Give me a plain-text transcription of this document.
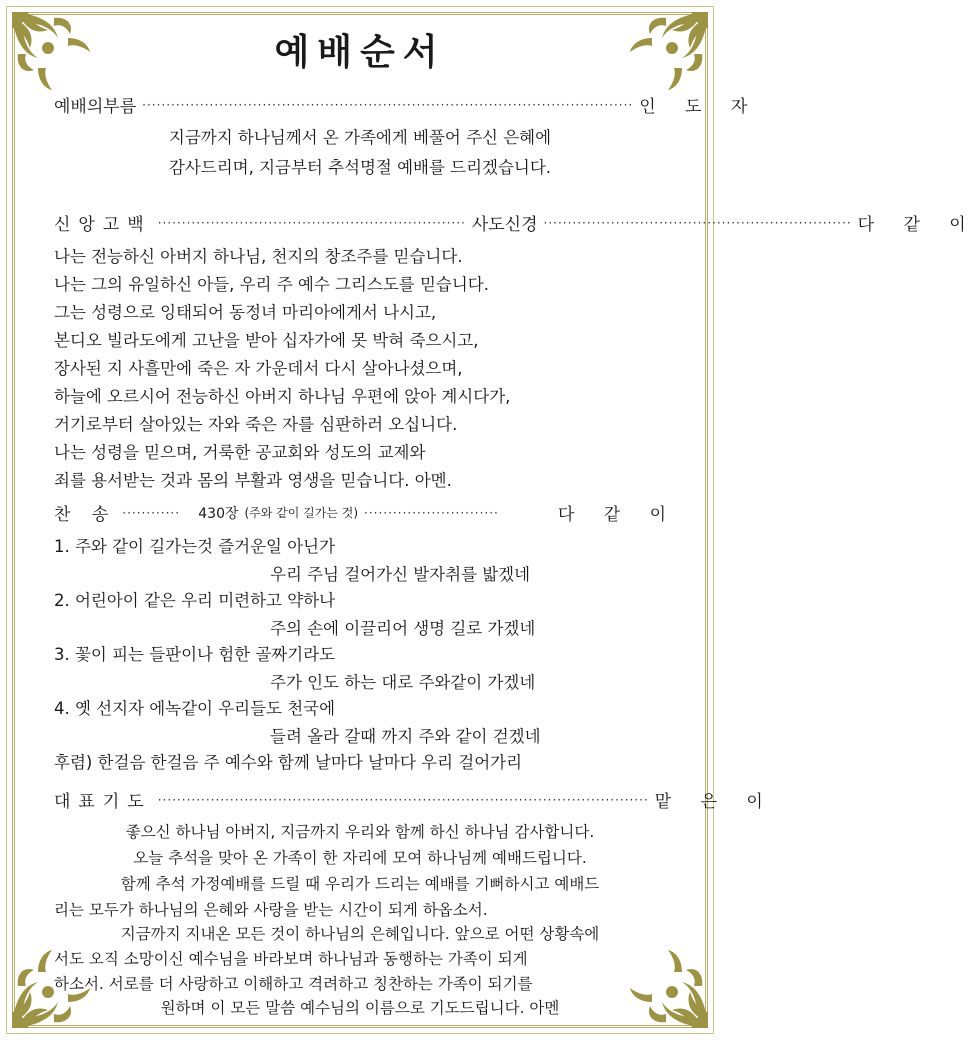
예배순서
예배의부름 ······································································································ 인 도 자
지금까지 하나님께서 온 가족에게 베풀어 주신 은혜에
감사드리며, 지금부터 추석명절 예배를 드리겠습니다.
신앙고백 ································································ 사도신경 ································································ 다 같 이
나는 전능하신 아버지 하나님, 천지의 창조주를 믿습니다.
나는 그의 유일하신 아들, 우리 주 예수 그리스도를 믿습니다.
그는 성령으로 잉태되어 동정녀 마리아에게서 나시고,
본디오 빌라도에게 고난을 받아 십자가에 못 박혀 죽으시고,
장사된 지 사흘만에 죽은 자 가운데서 다시 살아나셨으며,
하늘에 오르시어 전능하신 아버지 하나님 우편에 앉아 계시다가,
거기로부터 살아있는 자와 죽은 자를 심판하러 오십니다.
나는 성령을 믿으며, 거룩한 공교회와 성도의 교제와
죄를 용서받는 것과 몸의 부활과 영생을 믿습니다. 아멘.
찬 송 ············	430장 (주와 같이 길가는 것) ····························	다 같 이
1. 주와 같이 길가는것 즐거운일 아닌가
우리 주님 걸어가신 발자취를 밟겠네
2. 어린아이 같은 우리 미련하고 약하나
주의 손에 이끌리어 생명 길로 가겠네
3. 꽃이 피는 들판이나 험한 골짜기라도
주가 인도 하는 대로 주와같이 가겠네
4. 옛 선지자 에녹같이 우리들도 천국에
들려 올라 갈때 까지 주와 같이 걷겠네
후렴) 한걸음 한걸음 주 예수와 함께 날마다 날마다 우리 걸어가리
대표기도 ······································································································ 맡 은 이
좋으신 하나님 아버지, 지금까지 우리와 함께 하신 하나님 감사합니다.
오늘 추석을 맞아 온 가족이 한 자리에 모여 하나님께 예배드립니다.
함께 추석 가정예배를 드릴 때 우리가 드리는 예배를 기뻐하시고 예배드
리는 모두가 하나님의 은혜와 사랑을 받는 시간이 되게 하옵소서.
지금까지 지내온 모든 것이 하나님의 은혜입니다. 앞으로 어떤 상황속에
서도 오직 소망이신 예수님을 바라보며 하나님과 동행하는 가족이 되게
하소서. 서로를 더 사랑하고 이해하고 격려하고 칭찬하는 가족이 되기를
원하며 이 모든 말씀 예수님의 이름으로 기도드립니다. 아멘
